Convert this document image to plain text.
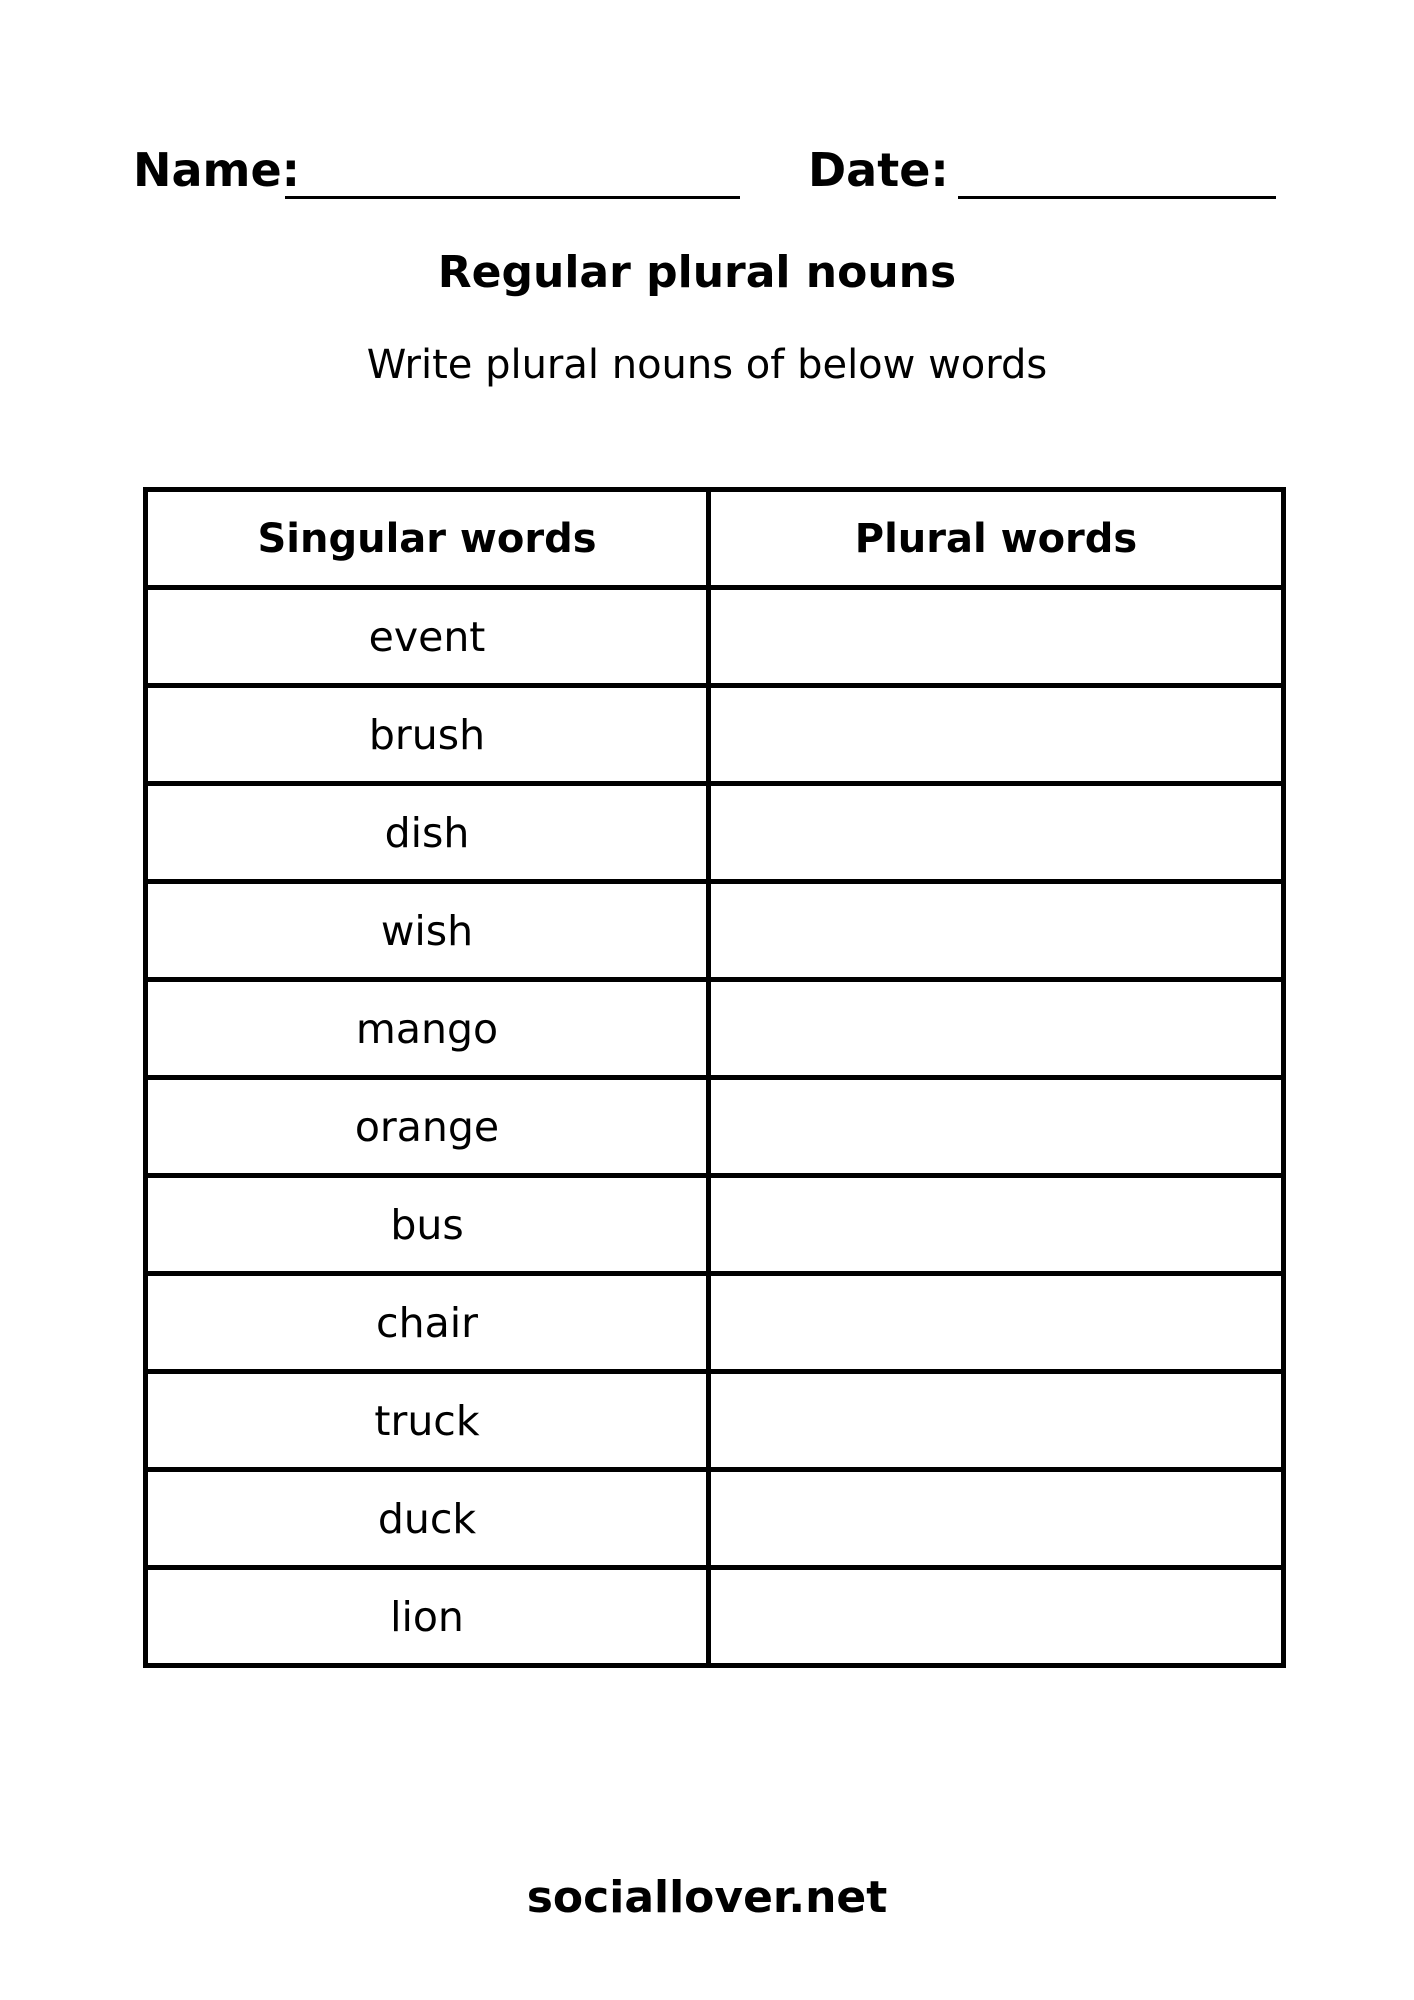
Name:	Date:
Regular plural nouns
Write plural nouns of below words
Singular words	Plural words
event	
brush	
dish	
wish	
mango	
orange	
bus	
chair	
truck	
duck	
lion	
sociallover.net
